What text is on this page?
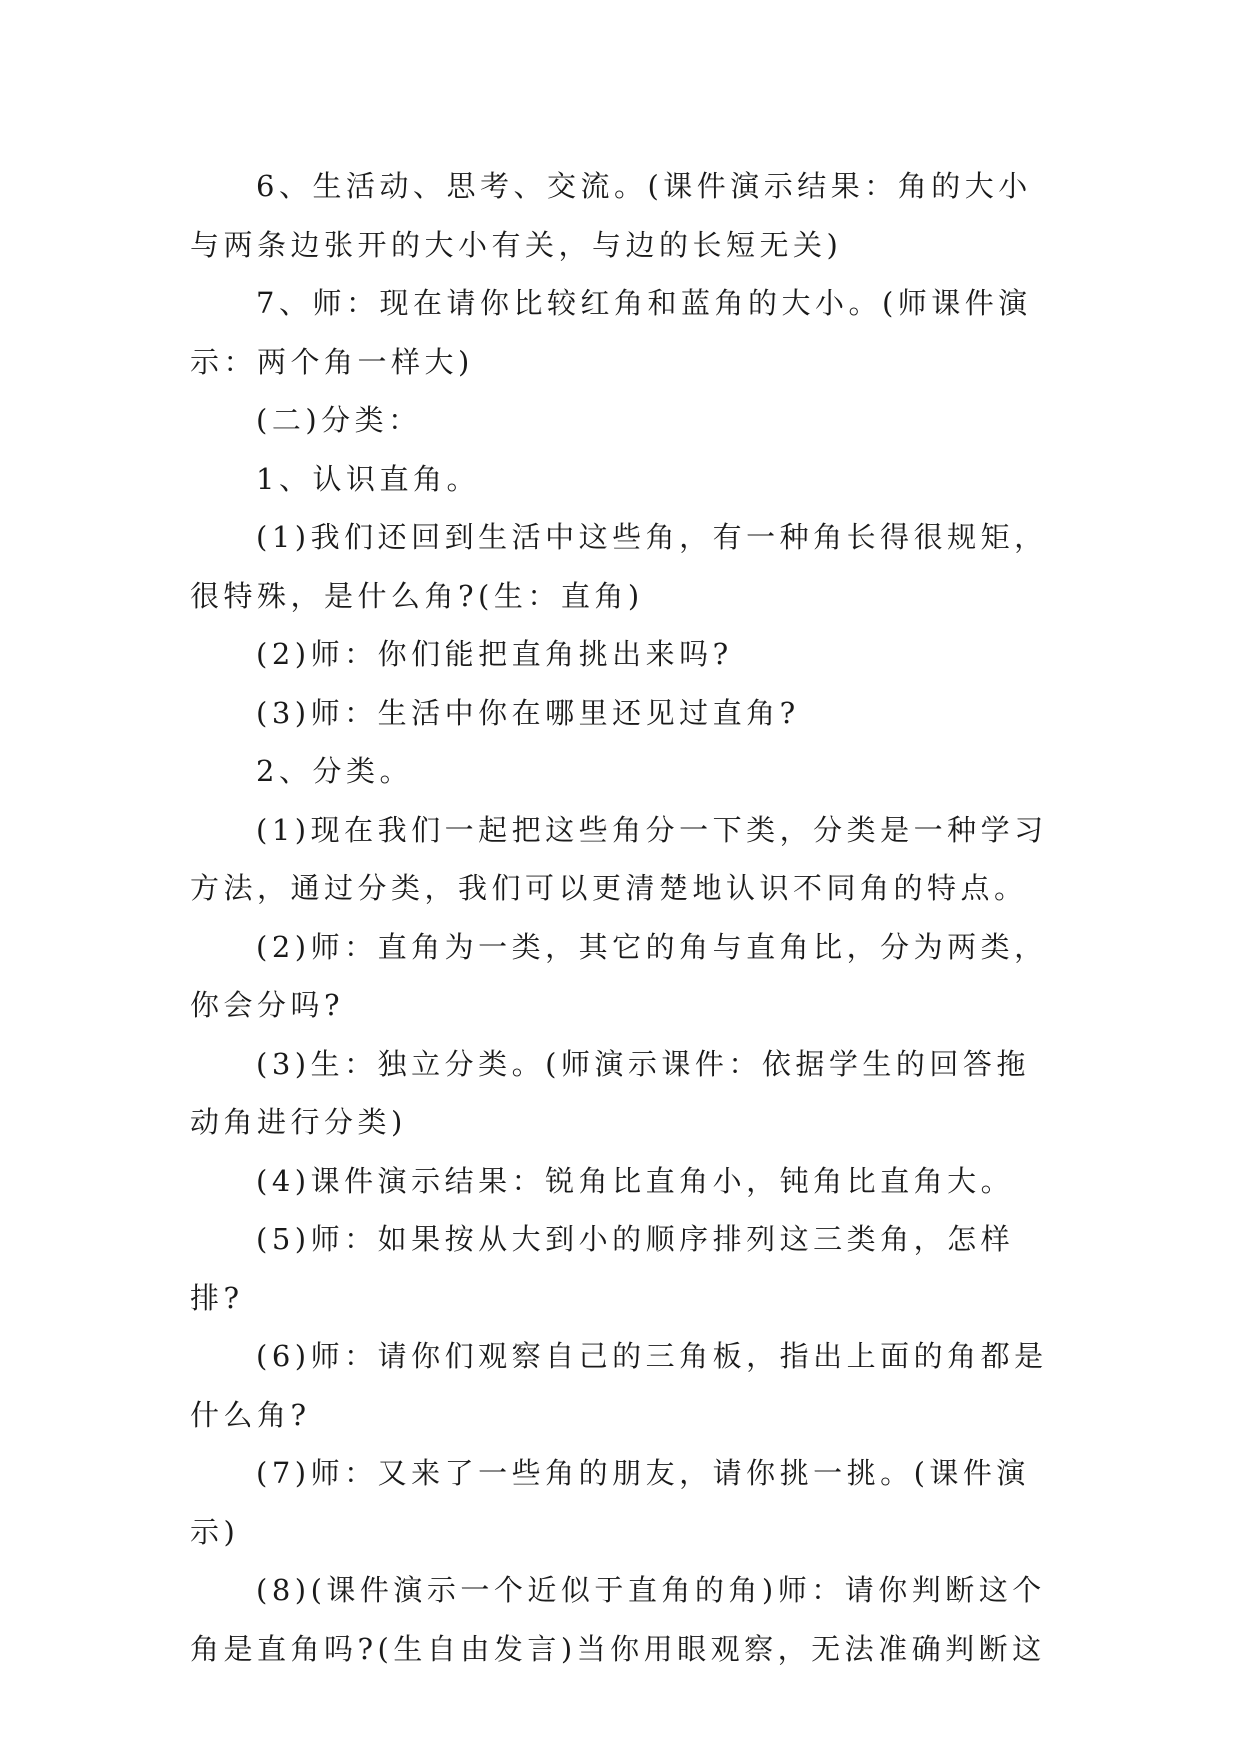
6、生活动、思考、交流。(课件演示结果：角的大小与两条边张开的大小有关，与边的长短无关)

7、师：现在请你比较红角和蓝角的大小。(师课件演示：两个角一样大)

(二)分类：

1、认识直角。

(1)我们还回到生活中这些角，有一种角长得很规矩，很特殊，是什么角?(生：直角)

(2)师：你们能把直角挑出来吗?

(3)师：生活中你在哪里还见过直角?

2、分类。

(1)现在我们一起把这些角分一下类，分类是一种学习方法，通过分类，我们可以更清楚地认识不同角的特点。

(2)师：直角为一类，其它的角与直角比，分为两类，你会分吗?

(3)生：独立分类。(师演示课件：依据学生的回答拖动角进行分类)

(4)课件演示结果：锐角比直角小，钝角比直角大。

(5)师：如果按从大到小的顺序排列这三类角，怎样排?

(6)师：请你们观察自己的三角板，指出上面的角都是什么角?

(7)师：又来了一些角的朋友，请你挑一挑。(课件演示)

(8)(课件演示一个近似于直角的角)师：请你判断这个角是直角吗?(生自由发言)当你用眼观察，无法准确判断这
